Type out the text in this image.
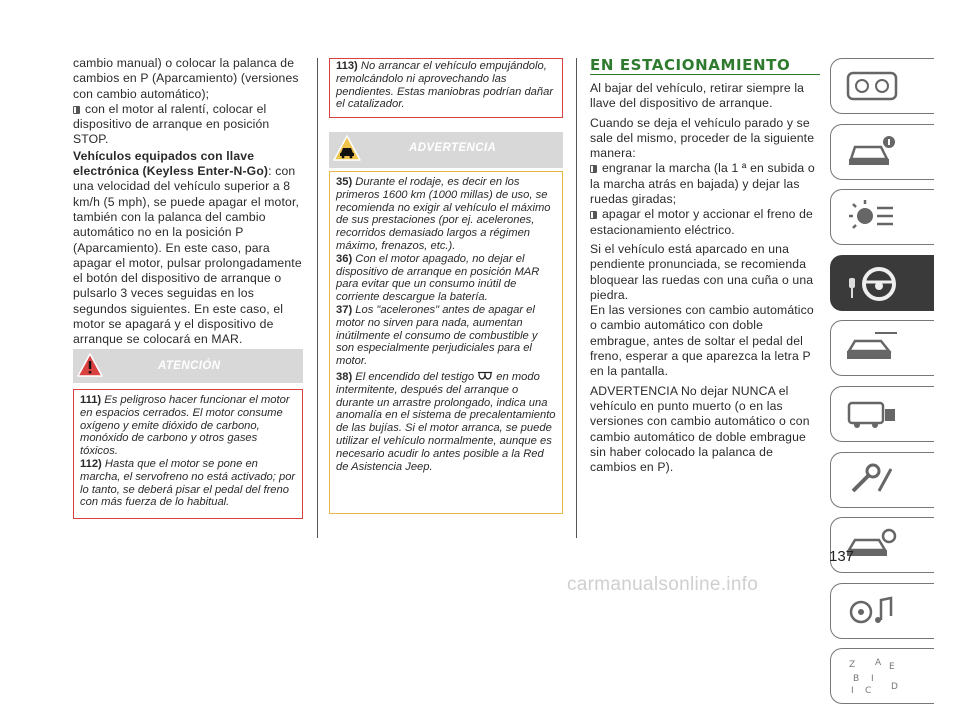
cambio manual) o colocar la palanca de cambios en P (Aparcamiento) (versiones con cambio automático);

con el motor al ralentí, colocar el dispositivo de arranque en posición STOP.

Vehículos equipados con llave electrónica (Keyless Enter-N-Go): con una velocidad del vehículo superior a 8 km/h (5 mph), se puede apagar el motor, también con la palanca del cambio automático no en la posición P (Aparcamiento). En este caso, para apagar el motor, pulsar prolongadamente el botón del dispositivo de arranque o pulsarlo 3 veces seguidas en los segundos siguientes. En este caso, el motor se apagará y el dispositivo de arranque se colocará en MAR.

ATENCIÓN

111) Es peligroso hacer funcionar el motor en espacios cerrados. El motor consume oxígeno y emite dióxido de carbono, monóxido de carbono y otros gases tóxicos.

112) Hasta que el motor se pone en marcha, el servofreno no está activado; por lo tanto, se deberá pisar el pedal del freno con más fuerza de lo habitual.

113) No arrancar el vehículo empujándolo, remolcándolo ni aprovechando las pendientes. Estas maniobras podrían dañar el catalizador.

ADVERTENCIA

35) Durante el rodaje, es decir en los primeros 1600 km (1000 millas) de uso, se recomienda no exigir al vehículo el máximo de sus prestaciones (por ej. acelerones, recorridos demasiado largos a régimen máximo, frenazos, etc.).

36) Con el motor apagado, no dejar el dispositivo de arranque en posición MAR para evitar que un consumo inútil de corriente descargue la batería.

37) Los "acelerones" antes de apagar el motor no sirven para nada, aumentan inútilmente el consumo de combustible y son especialmente perjudiciales para el motor.

38) El encendido del testigo en modo intermitente, después del arranque o durante un arrastre prolongado, indica una anomalía en el sistema de precalentamiento de las bujías. Si el motor arranca, se puede utilizar el vehículo normalmente, aunque es necesario acudir lo antes posible a la Red de Asistencia Jeep.

EN ESTACIONAMIENTO

Al bajar del vehículo, retirar siempre la llave del dispositivo de arranque.

Cuando se deja el vehículo parado y se sale del mismo, proceder de la siguiente manera:

engranar la marcha (la 1 ª en subida o la marcha atrás en bajada) y dejar las ruedas giradas;

apagar el motor y accionar el freno de estacionamiento eléctrico.

Si el vehículo está aparcado en una pendiente pronunciada, se recomienda bloquear las ruedas con una cuña o una piedra.

En las versiones con cambio automático o cambio automático con doble embrague, antes de soltar el pedal del freno, esperar a que aparezca la letra P en la pantalla.

ADVERTENCIA No dejar NUNCA el vehículo en punto muerto (o en las versiones con cambio automático o con cambio automático de doble embrague sin haber colocado la palanca de cambios en P).

Z A E
B I
I C D
137
carmanualsonline.info
